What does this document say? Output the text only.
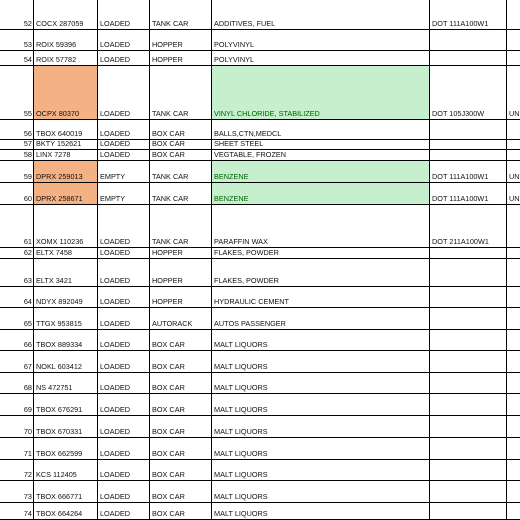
52 COCX 287059	LOADED	TANK CAR	ADDITIVES, FUEL	DOT 111A100W1
53 ROIX 59396	LOADED	HOPPER	POLYVINYL
54 ROIX 57782	LOADED	HOPPER	POLYVINYL
55 OCPX 80370	LOADED	TANK CAR	VINYL CHLORIDE, STABILIZED	DOT 105J300W	UN
56 TBOX 640019	LOADED	BOX CAR	BALLS,CTN,MEDCL
57 BKTY 152621	LOADED	BOX CAR	SHEET STEEL
58 LINX 7278	LOADED	BOX CAR	VEGTABLE, FROZEN
59 DPRX 259013	EMPTY	TANK CAR	BENZENE	DOT 111A100W1	UN
60 DPRX 258671	EMPTY	TANK CAR	BENZENE	DOT 111A100W1	UN
61 XOMX 110236	LOADED	TANK CAR	PARAFFIN WAX	DOT 211A100W1
62 ELTX 7458	LOADED	HOPPER	FLAKES, POWDER
63 ELTX 3421	LOADED	HOPPER	FLAKES, POWDER
64 NDYX 892049	LOADED	HOPPER	HYDRAULIC CEMENT
65 TTGX 953815	LOADED	AUTORACK	AUTOS PASSENGER
66 TBOX 889334	LOADED	BOX CAR	MALT LIQUORS
67 NOKL 603412	LOADED	BOX CAR	MALT LIQUORS
68 NS 472751	LOADED	BOX CAR	MALT LIQUORS
69 TBOX 676291	LOADED	BOX CAR	MALT LIQUORS
70 TBOX 670331	LOADED	BOX CAR	MALT LIQUORS
71 TBOX 662599	LOADED	BOX CAR	MALT LIQUORS
72 KCS 112405	LOADED	BOX CAR	MALT LIQUORS
73 TBOX 666771	LOADED	BOX CAR	MALT LIQUORS
74 TBOX 664264	LOADED	BOX CAR	MALT LIQUORS
